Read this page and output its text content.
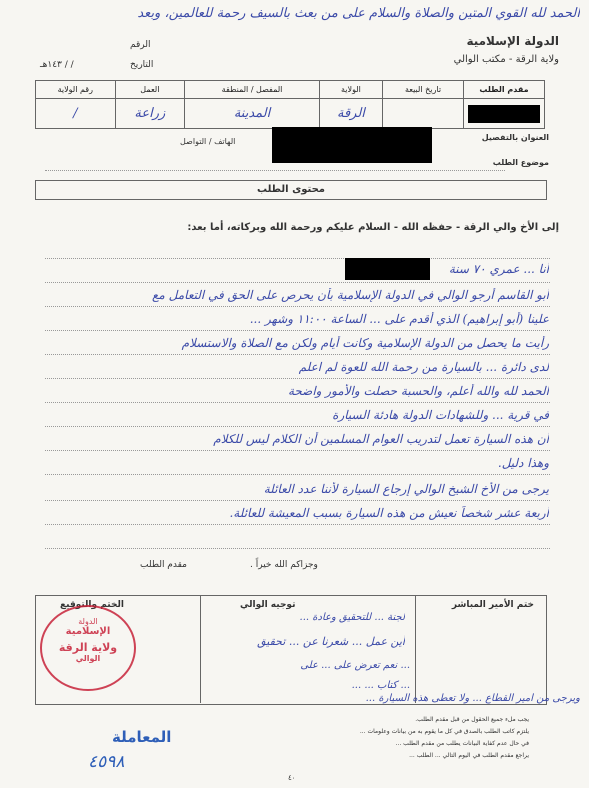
الحمد لله القوي المتين والصلاة والسلام على من بعث بالسيف رحمة للعالمين، وبعد
الدولة الإسلامية
ولاية الرقة - مكتب الوالي
الرقم
التاريخ
/ / ١٤٣هـ
مقدم الطلب	تاريخ البيعة	الولاية	المفصل / المنطقة	العمل	رقم الولاية

		الرقة	المدينة	زراعة	/
الهاتف / التواصل	العنوان بالتفصيل
موضوع الطلب
محتوى الطلب
إلى الأخ والي الرقة - حفظه الله - السلام عليكم ورحمة الله وبركاته، أما بعد:
أنا ... عمري ٧٠ سنة
أبو القاسم أرجو الوالي في الدولة الإسلامية بأن يحرص على الحق في التعامل مع
علينا (أبو إبراهيم) الذي أقدم على ... الساعة ١١:٠٠ وشهر ...
رأيت ما يحصل من الدولة الإسلامية وكانت أيام ولكن مع الصلاة والاستسلام
لدى دائرة ... بالسيارة من رحمة الله للعوة لم اعلم
الحمد لله والله أعلم، والحسبة حصلت والأمور واضحة
في قرية ... وللشهادات الدولة هادئة السيارة
أن هذه السيارة تعمل لتدريب العوام المسلمين أن الكلام ليس للكلام
وهذا دليل.
يرجى من الأخ الشيخ الوالي إرجاع السيارة لأننا عدد العائلة
أربعة عشر شخصاً نعيش من هذه السيارة بسبب المعيشة للعائلة.
وجزاكم الله خيراً .
مقدم الطلب
الختم والتوقيع	توجيه الوالي	ختم الأمير المباشر
الدولة
الإسلامية
ولاية الرقة
الوالي
لجنة ... للتحقيق وعادة ...
أين عمل ... شعرنا عن ... تحقيق
... نعم تعرض على ... على
... كتاب ... ...
ويرجى من أمير القطاع ... ولا تعطى هذه السيارة ...
يجب ملء جميع الحقول من قبل مقدم الطلب.
يلتزم كاتب الطلب بالصدق في كل ما يقوم به من بيانات وعلومات ...
في حال عدم كفاية البيانات يطلب من مقدم الطلب ...
يراجع مقدم الطلب في اليوم التالي ... الطلب ...
المعاملة
٤٥٩٨
٤٠
